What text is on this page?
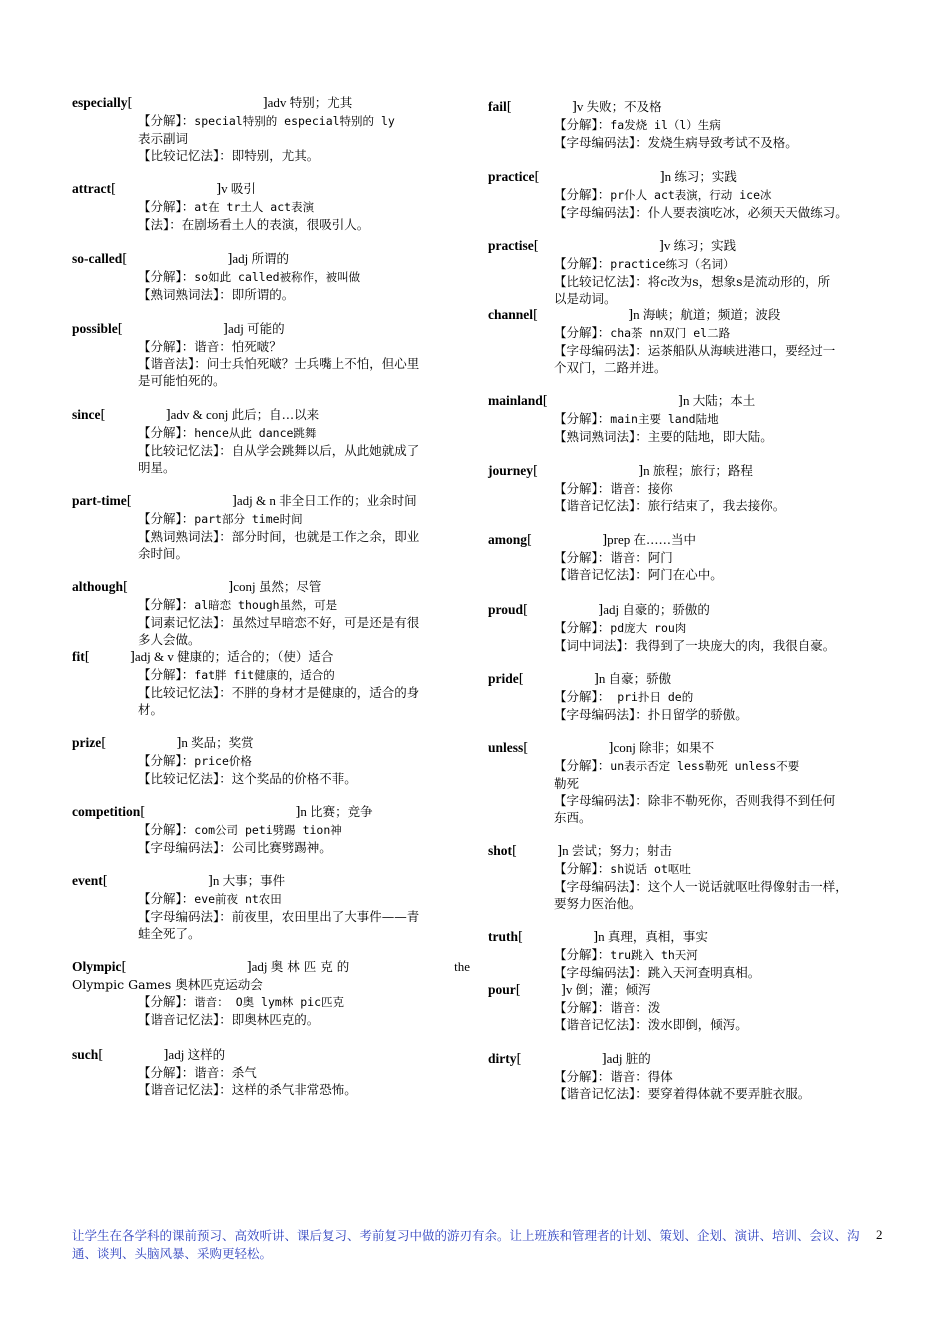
especially[	]adv 特别；尤其
【分解】：special特别的 especial特别的 ly
表示副词
【比较记忆法】：即特别，尤其。
attract[	]v 吸引
【分解】：at在 tr土人 act表演
【法】：在剧场看土人的表演，很吸引人。
so-called[	]adj 所谓的
【分解】：so如此 called被称作，被叫做
【熟词熟词法】：即所谓的。
possible[	]adj 可能的
【分解】：谐音：怕死啵？
【谐音法】：问士兵怕死啵？士兵嘴上不怕，但心里
是可能怕死的。
since[	]adv & conj 此后；自…以来
【分解】：hence从此 dance跳舞
【比较记忆法】：自从学会跳舞以后，从此她就成了
明星。
part-time[	]adj & n 非全日工作的；业余时间
【分解】：part部分 time时间
【熟词熟词法】：部分时间，也就是工作之余，即业
余时间。
although[	]conj 虽然；尽管
【分解】：al暗恋 though虽然，可是
【词素记忆法】：虽然过早暗恋不好，可是还是有很
多人会做。
fit[	]adj & v 健康的；适合的；（使）适合
【分解】：fat胖 fit健康的，适合的
【比较记忆法】：不胖的身材才是健康的，适合的身
材。
prize[	]n 奖品；奖赏
【分解】：price价格
【比较记忆法】：这个奖品的价格不菲。
competition[	]n 比赛；竞争
【分解】：com公司 peti劈踢 tion神
【字母编码法】：公司比赛劈踢神。
event[	]n 大事；事件
【分解】：eve前夜 nt农田
【字母编码法】：前夜里，农田里出了大事件——青
蛙全死了。
Olympic[	]adj 奥 林 匹 克 的	the
Olympic Games 奥林匹克运动会
【分解】：谐音： O奥 lym林 pic匹克
【谐音记忆法】：即奥林匹克的。
such[	]adj 这样的
【分解】：谐音：杀气
【谐音记忆法】：这样的杀气非常恐怖。
fail[	]v 失败；不及格
【分解】：fa发烧 il（l）生病
【字母编码法】：发烧生病导致考试不及格。
practice[	]n 练习；实践
【分解】：pr仆人 act表演，行动 ice冰
【字母编码法】：仆人要表演吃冰，必须天天做练习。
practise[	]v 练习；实践
【分解】：practice练习（名词）
【比较记忆法】：将c改为s，想象s是流动形的，所
以是动词。
channel[	]n 海峡；航道；频道；波段
【分解】：cha茶 nn双门 el二路
【字母编码法】：运茶船队从海峡进港口，要经过一
个双门，二路并进。
mainland[	]n 大陆；本土
【分解】：main主要 land陆地
【熟词熟词法】：主要的陆地，即大陆。
journey[	]n 旅程；旅行；路程
【分解】：谐音：接你
【谐音记忆法】：旅行结束了，我去接你。
among[	]prep 在……当中
【分解】：谐音：阿门
【谐音记忆法】：阿门在心中。
proud[	]adj 自豪的；骄傲的
【分解】：pd庞大 rou肉
【词中词法】：我得到了一块庞大的肉，我很自豪。
pride[	]n 自豪；骄傲
【分解】： pri扑日 de的
【字母编码法】：扑日留学的骄傲。
unless[	]conj 除非；如果不
【分解】：un表示否定 less勒死 unless不要
勒死
【字母编码法】：除非不勒死你，否则我得不到任何
东西。
shot[	]n 尝试；努力；射击
【分解】：sh说话 ot呕吐
【字母编码法】：这个人一说话就呕吐得像射击一样，
要努力医治他。
truth[	]n 真理，真相，事实
【分解】：tru跳入 th天河
【字母编码法】：跳入天河查明真相。
pour[	]v 倒；灌；倾泻
【分解】：谐音：泼
【谐音记忆法】：泼水即倒，倾泻。
dirty[	]adj 脏的
【分解】：谐音：得体
【谐音记忆法】：要穿着得体就不要弄脏衣服。
让学生在各学科的课前预习、高效听讲、课后复习、考前复习中做的游刃有余。让上班族和管理者的计划、策划、企划、演讲、培训、会议、沟通、谈判、头脑风暴、采购更轻松。
2
